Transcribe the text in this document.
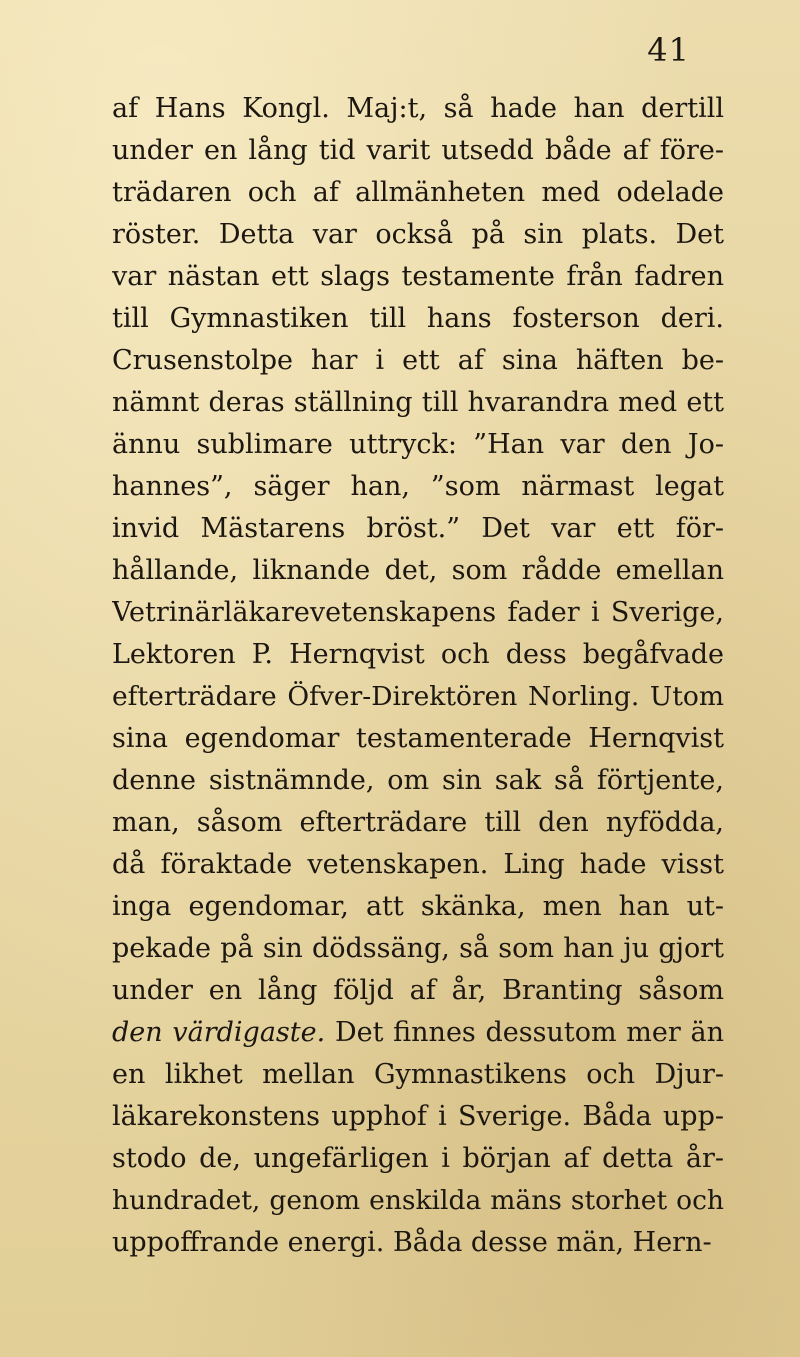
41
af Hans Kongl. Maj:t, så hade han dertill
under en lång tid varit utsedd både af före-
trädaren och af allmänheten med odelade
röster. Detta var också på sin plats. Det
var nästan ett slags testamente från fadren
till Gymnastiken till hans fosterson deri.
Crusenstolpe har i ett af sina häften be-
nämnt deras ställning till hvarandra med ett
ännu sublimare uttryck: ”Han var den Jo-
hannes”, säger han, ”som närmast legat
invid Mästarens bröst.” Det var ett för-
hållande, liknande det, som rådde emellan
Vetrinärläkarevetenskapens fader i Sverige,
Lektoren P. Hernqvist och dess begåfvade
efterträdare Öfver-Direktören Norling. Utom
sina egendomar testamenterade Hernqvist
denne sistnämnde, om sin sak så förtjente,
man, såsom efterträdare till den nyfödda,
då föraktade vetenskapen. Ling hade visst
inga egendomar, att skänka, men han ut-
pekade på sin dödssäng, så som han ju gjort
under en lång följd af år, Branting såsom
den värdigaste. Det finnes dessutom mer än
en likhet mellan Gymnastikens och Djur-
läkarekonstens upphof i Sverige. Båda upp-
stodo de, ungefärligen i början af detta år-
hundradet, genom enskilda mäns storhet och
uppoffrande energi. Båda desse män, Hern-
